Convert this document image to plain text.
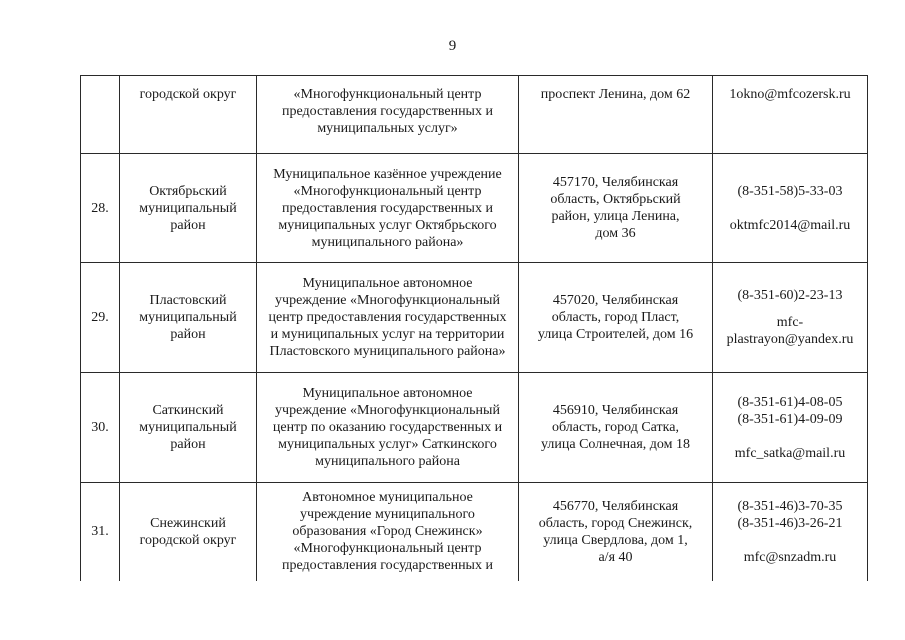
9

	городской округ	«Многофункциональный центр
предоставления государственных и
муниципальных услуг»	проспект Ленина, дом 62	1okno@mfcozersk.ru

28.	Октябрьский
муниципальный
район	Муниципальное казённое учреждение
«Многофункциональный центр
предоставления государственных и
муниципальных услуг Октябрьского
муниципального района»	457170, Челябинская
область, Октябрьский
район, улица Ленина,
дом 36	(8-351-58)5-33-03
oktmfc2014@mail.ru

29.	Пластовский
муниципальный
район	Муниципальное автономное
учреждение «Многофункциональный
центр предоставления государственных
и муниципальных услуг на территории
Пластовского муниципального района»	457020, Челябинская
область, город Пласт,
улица Строителей, дом 16	(8-351-60)2-23-13
mfc-
plastrayon@yandex.ru

30.	Саткинский
муниципальный
район	Муниципальное автономное
учреждение «Многофункциональный
центр по оказанию государственных и
муниципальных услуг» Саткинского
муниципального района	456910, Челябинская
область, город Сатка,
улица Солнечная, дом 18	(8-351-61)4-08-05
(8-351-61)4-09-09
mfc_satka@mail.ru

31.	Снежинский
городской округ	Автономное муниципальное
учреждение муниципального
образования «Город Снежинск»
«Многофункциональный центр
предоставления государственных и	456770, Челябинская
область, город Снежинск,
улица Свердлова, дом 1,
а/я 40	(8-351-46)3-70-35
(8-351-46)3-26-21
mfc@snzadm.ru
